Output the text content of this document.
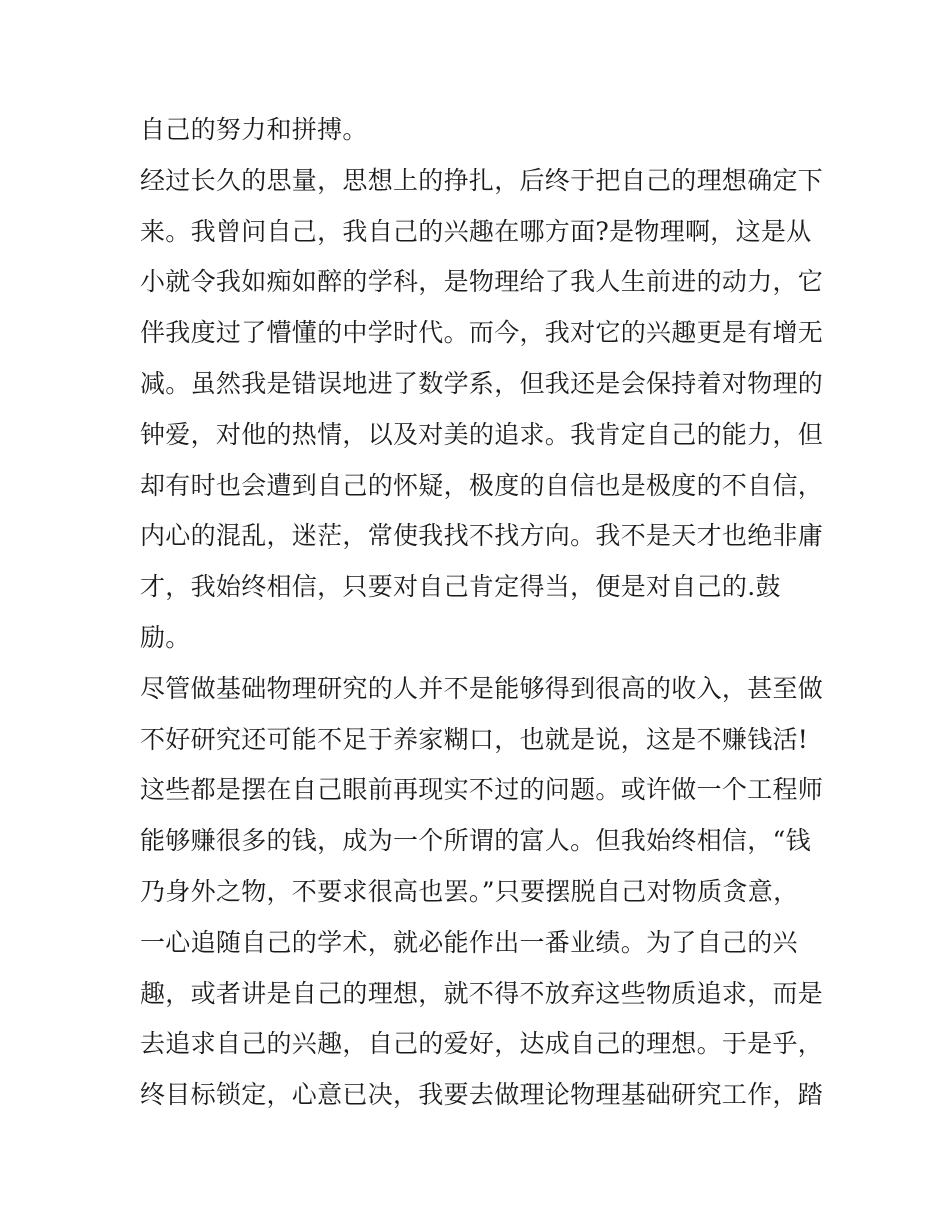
自己的努力和拼搏。
经过长久的思量，思想上的挣扎，后终于把自己的理想确定下
来。我曾问自己，我自己的兴趣在哪方面?是物理啊，这是从
小就令我如痴如醉的学科，是物理给了我人生前进的动力，它
伴我度过了懵懂的中学时代。而今，我对它的兴趣更是有增无
减。虽然我是错误地进了数学系，但我还是会保持着对物理的
钟爱，对他的热情，以及对美的追求。我肯定自己的能力，但
却有时也会遭到自己的怀疑，极度的自信也是极度的不自信，
内心的混乱，迷茫，常使我找不找方向。我不是天才也绝非庸
才，我始终相信，只要对自己肯定得当，便是对自己的.鼓
励。
尽管做基础物理研究的人并不是能够得到很高的收入，甚至做
不好研究还可能不足于养家糊口，也就是说，这是不赚钱活!
这些都是摆在自己眼前再现实不过的问题。或许做一个工程师
能够赚很多的钱，成为一个所谓的富人。但我始终相信，“钱
乃身外之物，不要求很高也罢。”只要摆脱自己对物质贪意，
一心追随自己的学术，就必能作出一番业绩。为了自己的兴
趣，或者讲是自己的理想，就不得不放弃这些物质追求，而是
去追求自己的兴趣，自己的爱好，达成自己的理想。于是乎，
终目标锁定，心意已决，我要去做理论物理基础研究工作，踏
